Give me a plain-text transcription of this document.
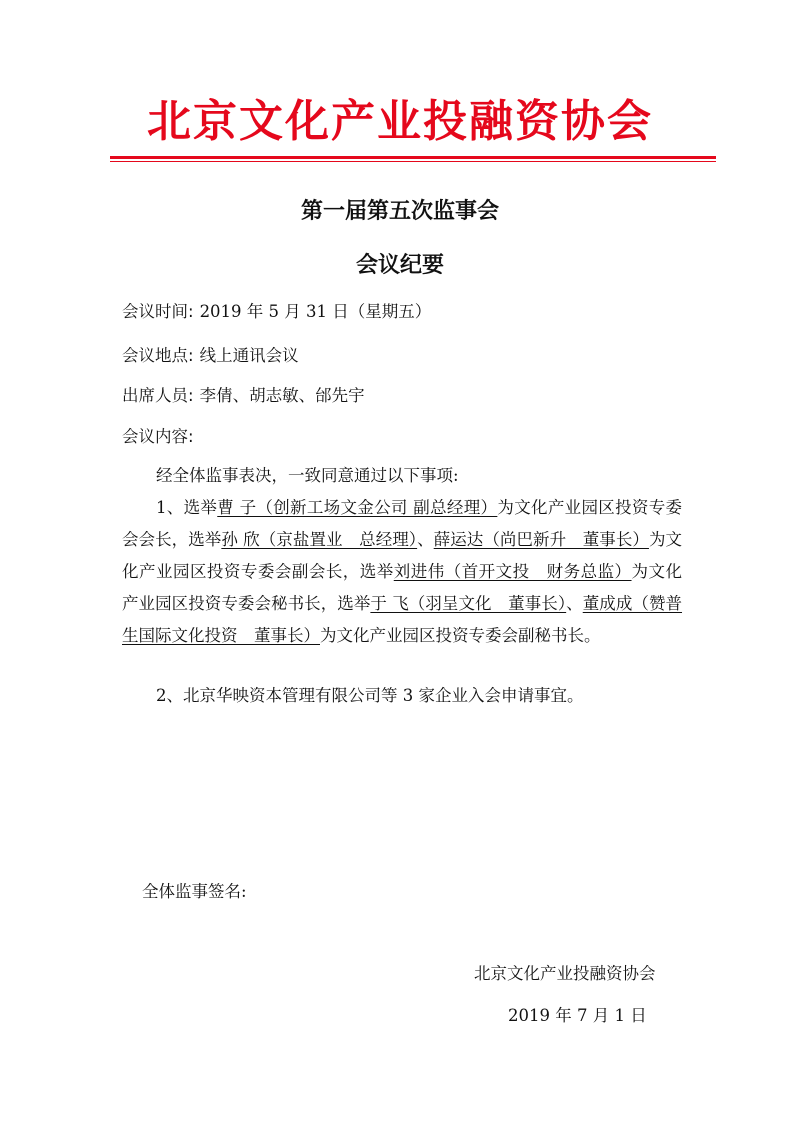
北京文化产业投融资协会
第一届第五次监事会
会议纪要
会议时间: 2019 年 5 月 31 日（星期五）
会议地点: 线上通讯会议
出席人员: 李倩、胡志敏、邰先宇
会议内容:
经全体监事表决，一致同意通过以下事项:
1、选举曹 子（创新工场文金公司 副总经理）为文化产业园区投资专委会会长，选举孙 欣（京盐置业　总经理）、薛运达（尚巴新升　董事长）为文化产业园区投资专委会副会长，选举刘进伟（首开文投　财务总监）为文化产业园区投资专委会秘书长，选举于 飞（羽呈文化　董事长）、董成成（赞普生国际文化投资　董事长）为文化产业园区投资专委会副秘书长。
2、北京华映资本管理有限公司等 3 家企业入会申请事宜。
全体监事签名:
北京文化产业投融资协会
2019 年 7 月 1 日
